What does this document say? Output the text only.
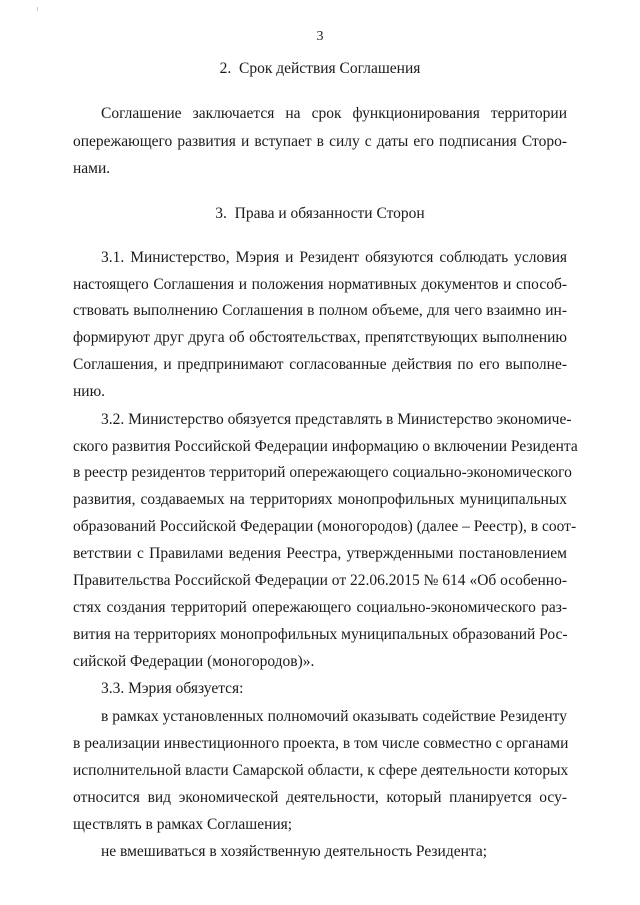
3
2.  Срок действия Соглашения
Соглашение заключается на срок функционирования территории
опережающего развития и вступает в силу с даты его подписания Сторо-
нами.
3.  Права и обязанности Сторон
3.1. Министерство, Мэрия и Резидент обязуются соблюдать условия
настоящего Соглашения и положения нормативных документов и способ-
ствовать выполнению Соглашения в полном объеме, для чего взаимно ин-
формируют друг друга об обстоятельствах, препятствующих выполнению
Соглашения, и предпринимают согласованные действия по его выполне-
нию.
3.2. Министерство обязуется представлять в Министерство экономиче-
ского развития Российской Федерации информацию о включении Резидента
в реестр резидентов территорий опережающего социально-экономического
развития, создаваемых на территориях монопрофильных муниципальных
образований Российской Федерации (моногородов) (далее – Реестр), в соот-
ветствии с Правилами ведения Реестра, утвержденными постановлением
Правительства Российской Федерации от 22.06.2015 № 614 «Об особенно-
стях создания территорий опережающего социально-экономического раз-
вития на территориях монопрофильных муниципальных образований Рос-
сийской Федерации (моногородов)».
3.3. Мэрия обязуется:
в рамках установленных полномочий оказывать содействие Резиденту
в реализации инвестиционного проекта, в том числе совместно с органами
исполнительной власти Самарской области, к сфере деятельности которых
относится вид экономической деятельности, который планируется осу-
ществлять в рамках Соглашения;
не вмешиваться в хозяйственную деятельность Резидента;
